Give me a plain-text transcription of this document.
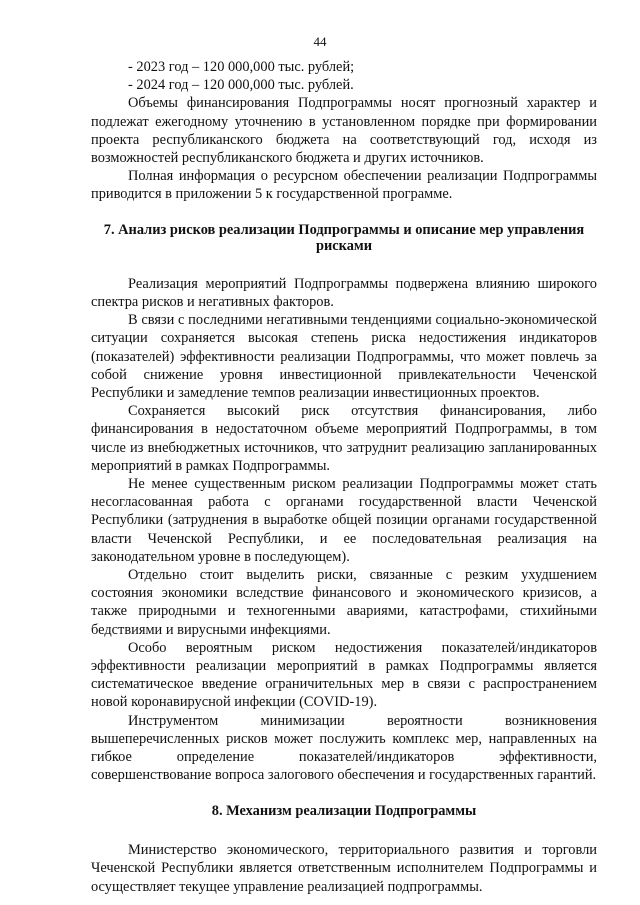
44

- 2023 год – 120 000,000 тыс. рублей;

- 2024 год – 120 000,000 тыс. рублей.

Объемы финансирования Подпрограммы носят прогнозный характер и подлежат ежегодному уточнению в установленном порядке при формировании проекта республиканского бюджета на соответствующий год, исходя из возможностей республиканского бюджета и других источников.

Полная информация о ресурсном обеспечении реализации Подпрограммы приводится в приложении 5 к государственной программе.

7. Анализ рисков реализации Подпрограммы и описание мер управления рисками

Реализация мероприятий Подпрограммы подвержена влиянию широкого спектра рисков и негативных факторов.

В связи с последними негативными тенденциями социально-экономической ситуации сохраняется высокая степень риска недостижения индикаторов (показателей) эффективности реализации Подпрограммы, что может повлечь за собой снижение уровня инвестиционной привлекательности Чеченской Республики и замедление темпов реализации инвестиционных проектов.

Сохраняется высокий риск отсутствия финансирования, либо финансирования в недостаточном объеме мероприятий Подпрограммы, в том числе из внебюджетных источников, что затруднит реализацию запланированных мероприятий в рамках Подпрограммы.

Не менее существенным риском реализации Подпрограммы может стать несогласованная работа с органами государственной власти Чеченской Республики (затруднения в выработке общей позиции органами государственной власти Чеченской Республики, и ее последовательная реализация на законодательном уровне в последующем).

Отдельно стоит выделить риски, связанные с резким ухудшением состояния экономики вследствие финансового и экономического кризисов, а также природными и техногенными авариями, катастрофами, стихийными бедствиями и вирусными инфекциями.

Особо вероятным риском недостижения показателей/индикаторов эффективности реализации мероприятий в рамках Подпрограммы является систематическое введение ограничительных мер в связи с распространением новой коронавирусной инфекции (COVID-19).

Инструментом минимизации вероятности возникновения вышеперечисленных рисков может послужить комплекс мер, направленных на гибкое определение показателей/индикаторов эффективности, совершенствование вопроса залогового обеспечения и государственных гарантий.

8. Механизм реализации Подпрограммы

Министерство экономического, территориального развития и торговли Чеченской Республики является ответственным исполнителем Подпрограммы и осуществляет текущее управление реализацией подпрограммы.
